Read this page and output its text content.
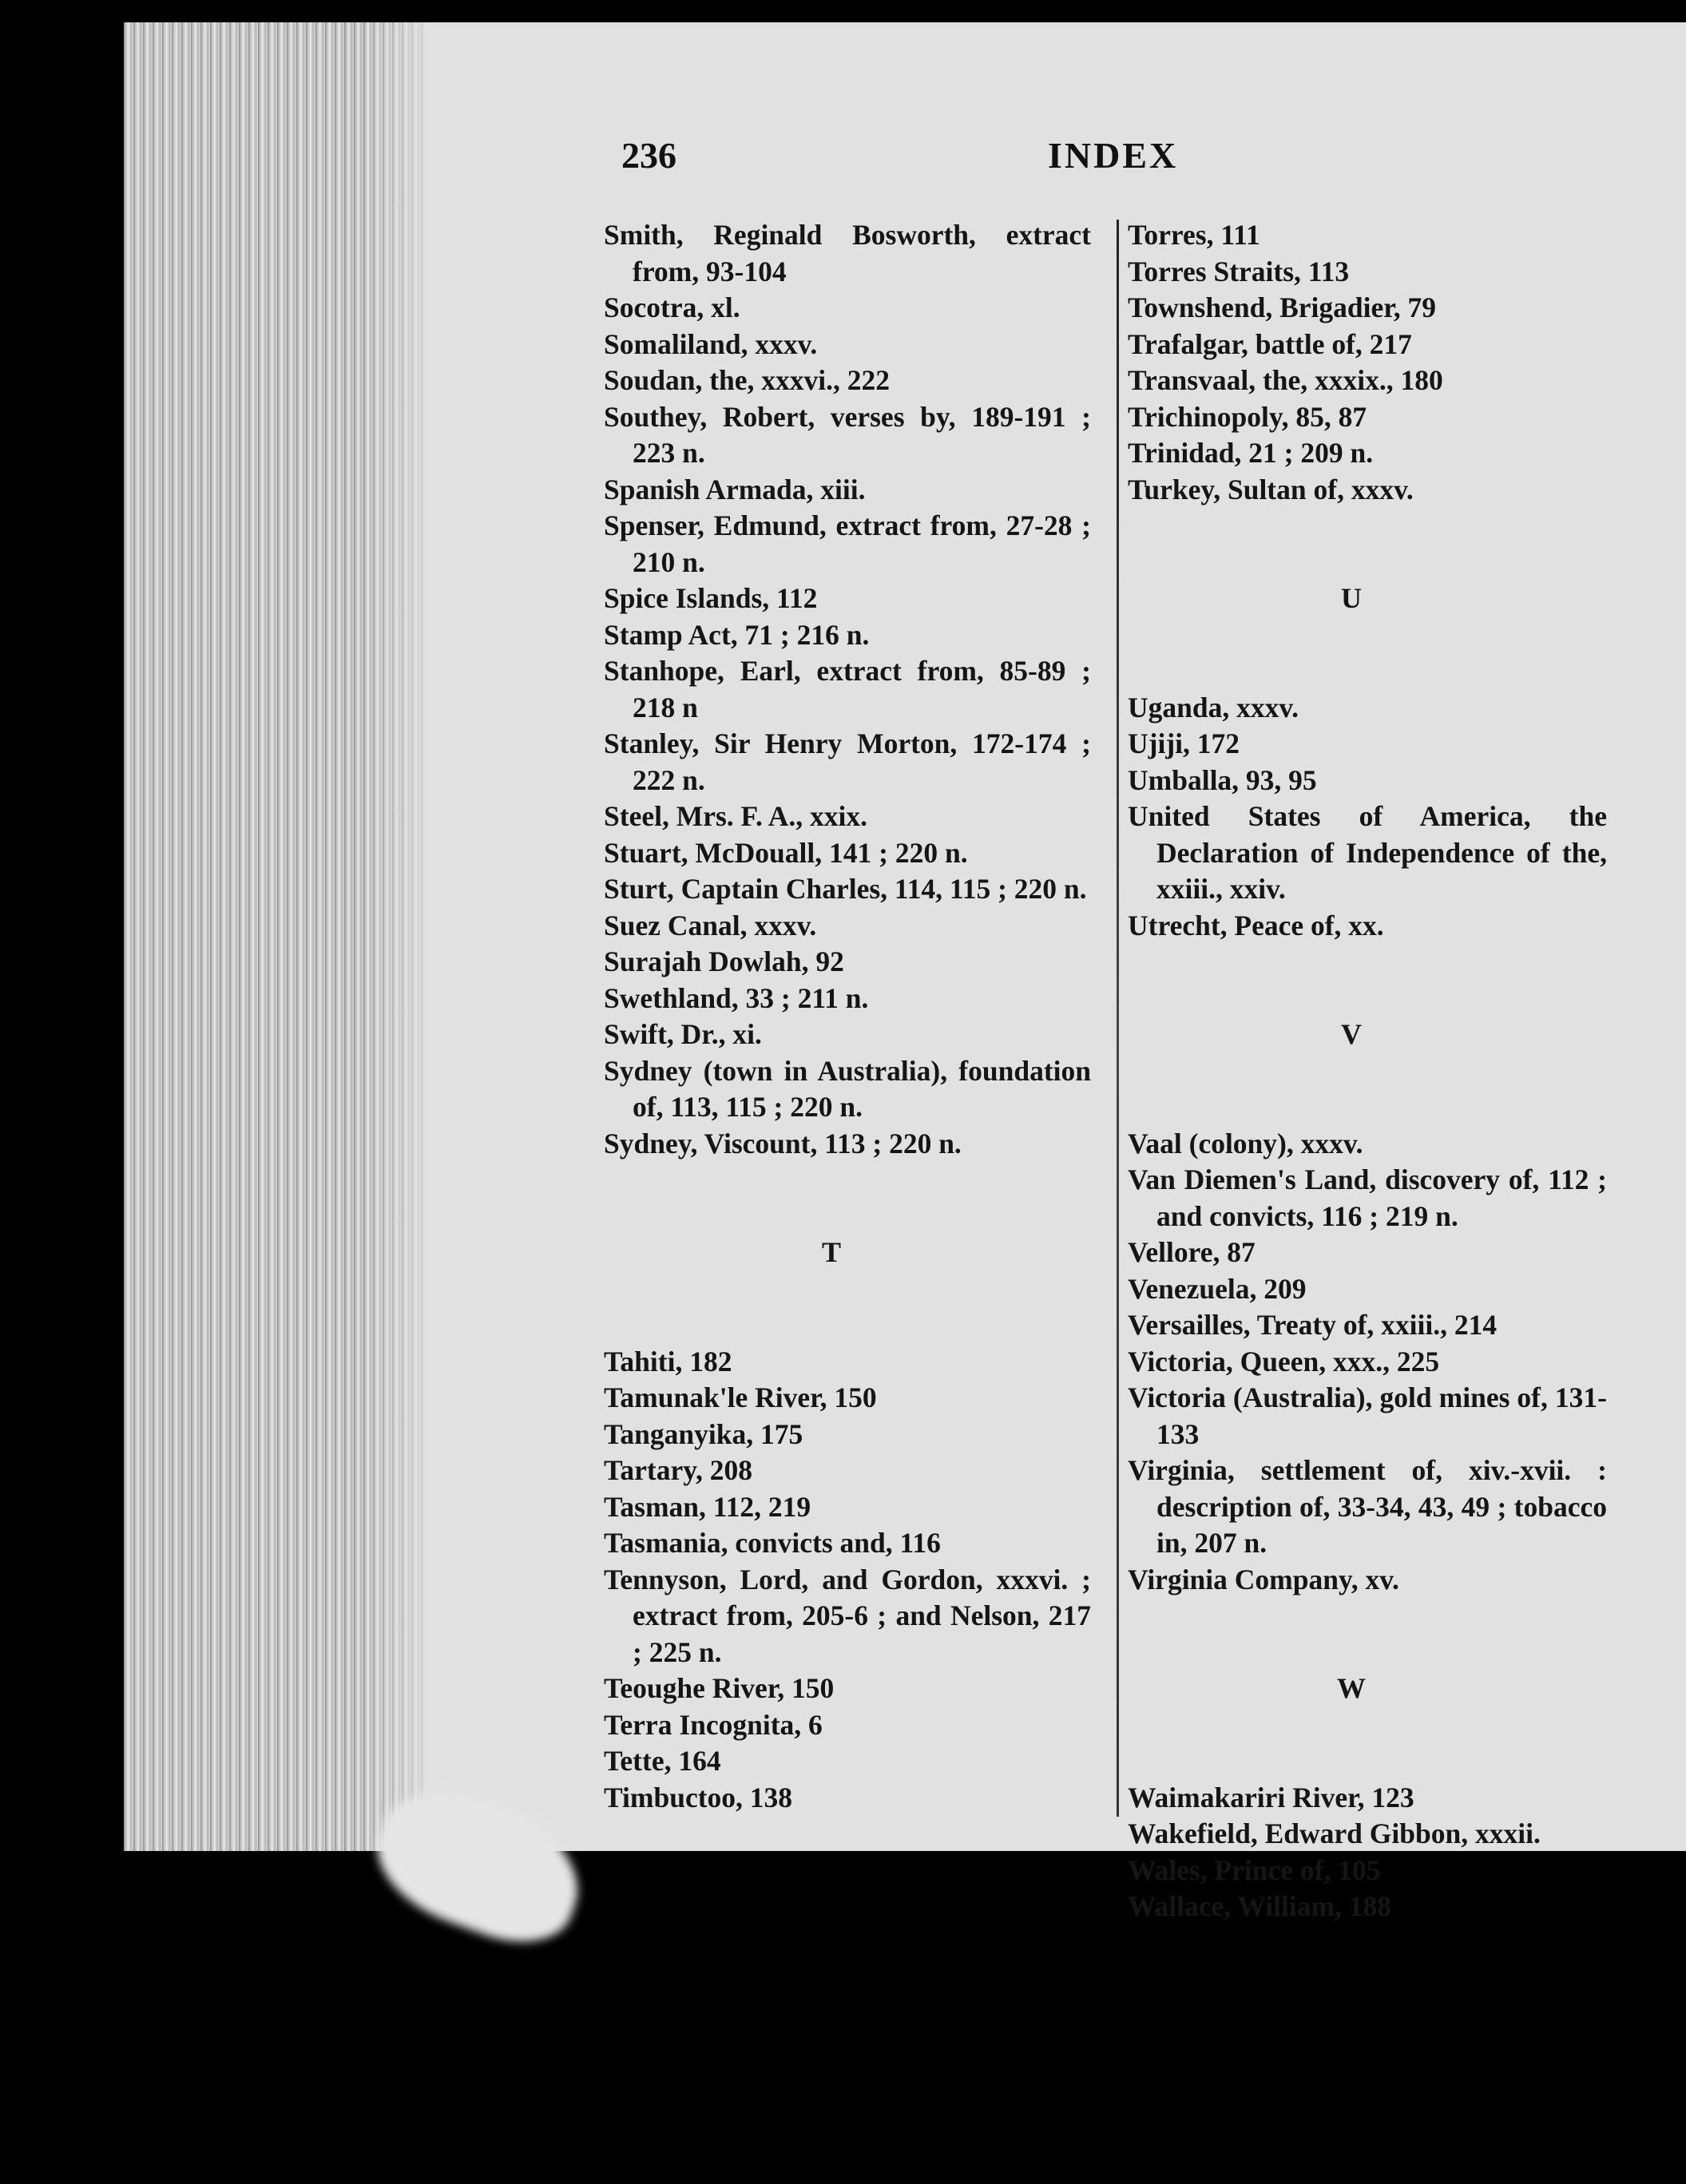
236	INDEX
Smith, Reginald Bosworth, extract from, 93-104
Socotra, xl.
Somaliland, xxxv.
Soudan, the, xxxvi., 222
Southey, Robert, verses by, 189-191 ; 223 n.
Spanish Armada, xiii.
Spenser, Edmund, extract from, 27-28 ; 210 n.
Spice Islands, 112
Stamp Act, 71 ; 216 n.
Stanhope, Earl, extract from, 85-89 ; 218 n
Stanley, Sir Henry Morton, 172-174 ; 222 n.
Steel, Mrs. F. A., xxix.
Stuart, McDouall, 141 ; 220 n.
Sturt, Captain Charles, 114, 115 ; 220 n.
Suez Canal, xxxv.
Surajah Dowlah, 92
Swethland, 33 ; 211 n.
Swift, Dr., xi.
Sydney (town in Australia), foundation of, 113, 115 ; 220 n.
Sydney, Viscount, 113 ; 220 n.
T
Tahiti, 182
Tamunak'le River, 150
Tanganyika, 175
Tartary, 208
Tasman, 112, 219
Tasmania, convicts and, 116
Tennyson, Lord, and Gordon, xxxvi. ; extract from, 205-6 ; and Nelson, 217 ; 225 n.
Teoughe River, 150
Terra Incognita, 6
Tette, 164
Timbuctoo, 138
Torres, 111
Torres Straits, 113
Townshend, Brigadier, 79
Trafalgar, battle of, 217
Transvaal, the, xxxix., 180
Trichinopoly, 85, 87
Trinidad, 21 ; 209 n.
Turkey, Sultan of, xxxv.
U
Uganda, xxxv.
Ujiji, 172
Umballa, 93, 95
United States of America, the Declaration of Independence of the, xxiii., xxiv.
Utrecht, Peace of, xx.
V
Vaal (colony), xxxv.
Van Diemen's Land, discovery of, 112 ; and convicts, 116 ; 219 n.
Vellore, 87
Venezuela, 209
Versailles, Treaty of, xxiii., 214
Victoria, Queen, xxx., 225
Victoria (Australia), gold mines of, 131-133
Virginia, settlement of, xiv.-xvii. : description of, 33-34, 43, 49 ; tobacco in, 207 n.
Virginia Company, xv.
W
Waimakariri River, 123
Wakefield, Edward Gibbon, xxxii.
Wales, Prince of, 105
Wallace, William, 188
